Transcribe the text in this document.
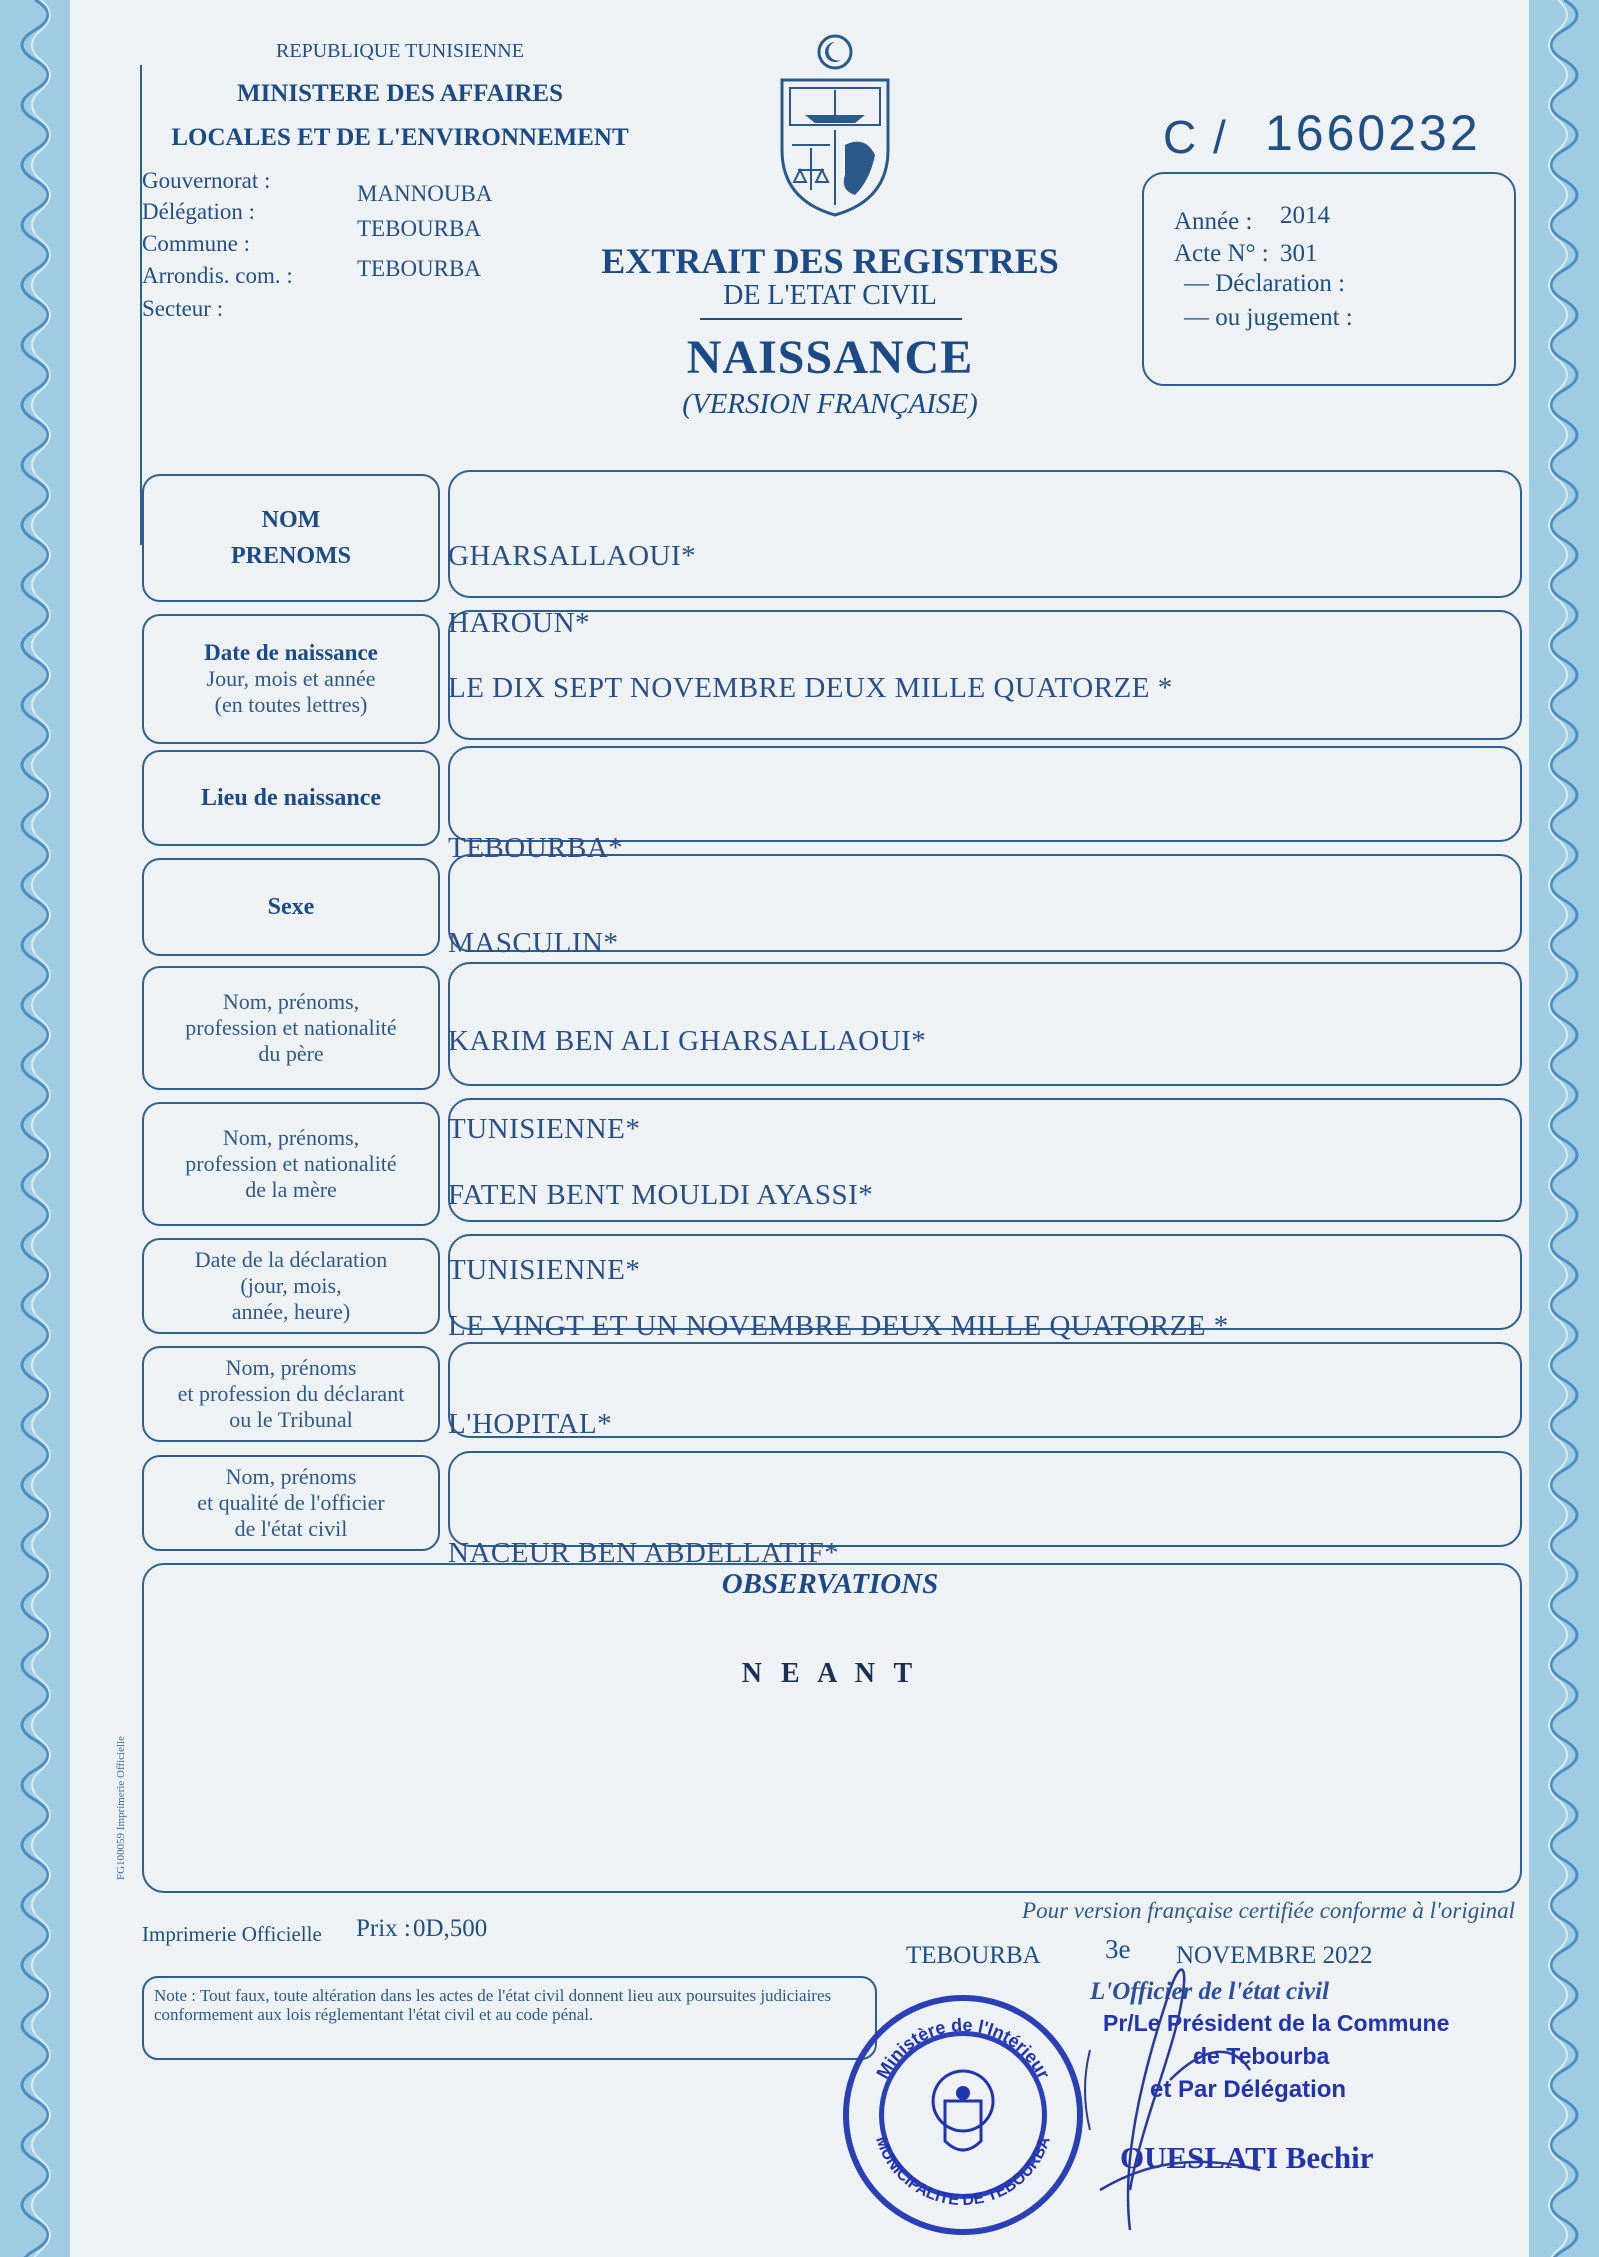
REPUBLIQUE TUNISIENNE
MINISTERE DES AFFAIRES
LOCALES ET DE L'ENVIRONNEMENT
Gouvernorat :
MANNOUBA
Délégation :
TEBOURBA
Commune :
Arrondis. com. :	TEBOURBA
Secteur :
C / 1660232
Année : 2014
Acte N° : 301
— Déclaration :
— ou jugement :
EXTRAIT DES REGISTRES
DE L'ETAT CIVIL
NAISSANCE
(VERSION FRANÇAISE)
NOM
PRENOMS
Date de naissance
Jour, mois et année
(en toutes lettres)
Lieu de naissance
Sexe
Nom, prénoms,
profession et nationalité
du père
Nom, prénoms,
profession et nationalité
de la mère
Date de la déclaration
(jour, mois,
année, heure)
Nom, prénoms
et profession du déclarant
ou le Tribunal
Nom, prénoms
et qualité de l'officier
de l'état civil
GHARSALLAOUI*
HAROUN*
LE DIX SEPT NOVEMBRE DEUX MILLE QUATORZE *
TEBOURBA*
MASCULIN*
KARIM BEN ALI GHARSALLAOUI*
TUNISIENNE*
FATEN BENT MOULDI AYASSI*
TUNISIENNE*
LE VINGT ET UN NOVEMBRE DEUX MILLE QUATORZE *
L'HOPITAL*
NACEUR BEN ABDELLATIF*
OBSERVATIONS
N E A N T
FG100059 Imprimerie Officielle
Imprimerie Officielle Prix : 0D,500
Pour version française certifiée conforme à l'original
TEBOURBA 3e NOVEMBRE 2022
L'Officier de l'état civil
Note : Tout faux, toute altération dans les actes de l'état civil donnent lieu aux poursuites judiciaires conformement aux lois réglementant l'état civil et au code pénal.	Pr/Le Président de la Commune
de Tebourba
et Par Délégation
OUESLATI Bechir
Ministère de l'Intérieur
MUNICIPALITE DE TEBOURBA
